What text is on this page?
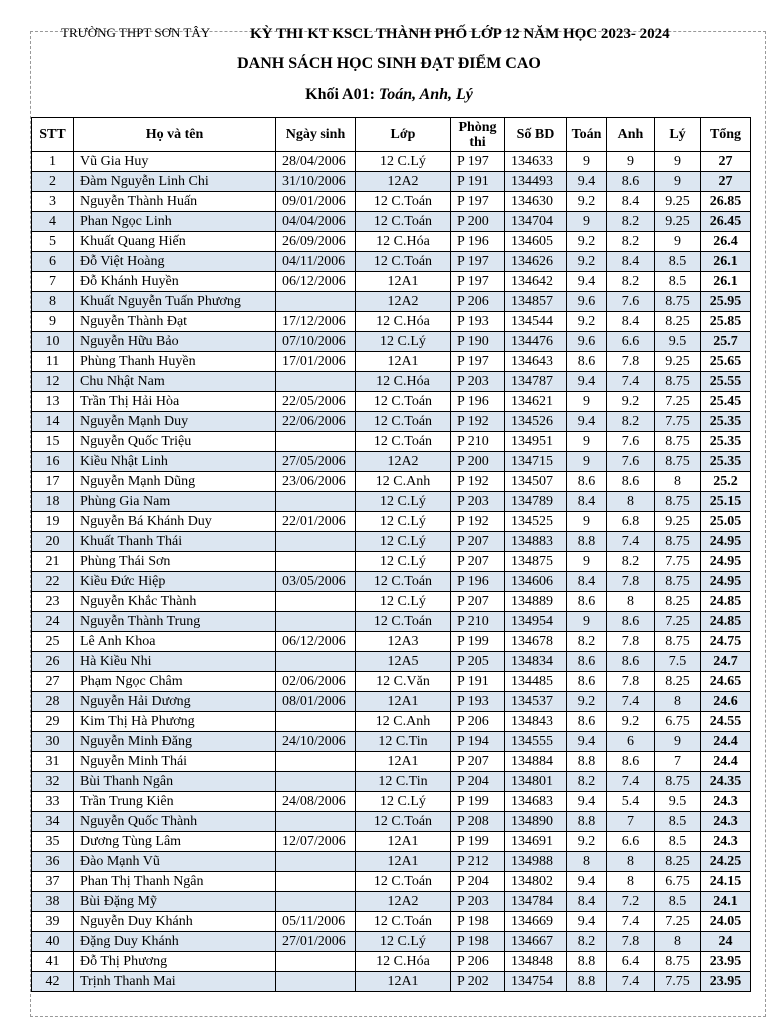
TRƯỜNG THPT SƠN TÂY	KỲ THI KT KSCL THÀNH PHỐ LỚP 12 NĂM HỌC 2023- 2024
DANH SÁCH HỌC SINH ĐẠT ĐIỂM CAO
Khối A01: Toán, Anh, Lý
STT	Họ và tên	Ngày sinh	Lớp	Phòng thi	Số BD	Toán	Anh	Lý	Tổng
1	Vũ Gia Huy	28/04/2006	12 C.Lý	P 197	134633	9	9	9	27
2	Đàm Nguyễn Linh Chi	31/10/2006	12A2	P 191	134493	9.4	8.6	9	27
3	Nguyễn Thành Huấn	09/01/2006	12 C.Toán	P 197	134630	9.2	8.4	9.25	26.85
4	Phan Ngọc Linh	04/04/2006	12 C.Toán	P 200	134704	9	8.2	9.25	26.45
5	Khuất Quang Hiến	26/09/2006	12 C.Hóa	P 196	134605	9.2	8.2	9	26.4
6	Đỗ Việt Hoàng	04/11/2006	12 C.Toán	P 197	134626	9.2	8.4	8.5	26.1
7	Đỗ Khánh Huyền	06/12/2006	12A1	P 197	134642	9.4	8.2	8.5	26.1
8	Khuất Nguyễn Tuấn Phương		12A2	P 206	134857	9.6	7.6	8.75	25.95
9	Nguyễn Thành Đạt	17/12/2006	12 C.Hóa	P 193	134544	9.2	8.4	8.25	25.85
10	Nguyễn Hữu Bảo	07/10/2006	12 C.Lý	P 190	134476	9.6	6.6	9.5	25.7
11	Phùng Thanh Huyền	17/01/2006	12A1	P 197	134643	8.6	7.8	9.25	25.65
12	Chu Nhật Nam		12 C.Hóa	P 203	134787	9.4	7.4	8.75	25.55
13	Trần Thị Hải Hòa	22/05/2006	12 C.Toán	P 196	134621	9	9.2	7.25	25.45
14	Nguyễn Mạnh Duy	22/06/2006	12 C.Toán	P 192	134526	9.4	8.2	7.75	25.35
15	Nguyễn Quốc Triệu		12 C.Toán	P 210	134951	9	7.6	8.75	25.35
16	Kiều Nhật Linh	27/05/2006	12A2	P 200	134715	9	7.6	8.75	25.35
17	Nguyễn Mạnh Dũng	23/06/2006	12 C.Anh	P 192	134507	8.6	8.6	8	25.2
18	Phùng Gia Nam		12 C.Lý	P 203	134789	8.4	8	8.75	25.15
19	Nguyễn Bá Khánh Duy	22/01/2006	12 C.Lý	P 192	134525	9	6.8	9.25	25.05
20	Khuất Thanh Thái		12 C.Lý	P 207	134883	8.8	7.4	8.75	24.95
21	Phùng Thái Sơn		12 C.Lý	P 207	134875	9	8.2	7.75	24.95
22	Kiều Đức Hiệp	03/05/2006	12 C.Toán	P 196	134606	8.4	7.8	8.75	24.95
23	Nguyễn Khắc Thành		12 C.Lý	P 207	134889	8.6	8	8.25	24.85
24	Nguyễn Thành Trung		12 C.Toán	P 210	134954	9	8.6	7.25	24.85
25	Lê Anh Khoa	06/12/2006	12A3	P 199	134678	8.2	7.8	8.75	24.75
26	Hà Kiều Nhi		12A5	P 205	134834	8.6	8.6	7.5	24.7
27	Phạm Ngọc Châm	02/06/2006	12 C.Văn	P 191	134485	8.6	7.8	8.25	24.65
28	Nguyễn Hải Dương	08/01/2006	12A1	P 193	134537	9.2	7.4	8	24.6
29	Kim Thị Hà Phương		12 C.Anh	P 206	134843	8.6	9.2	6.75	24.55
30	Nguyễn Minh Đăng	24/10/2006	12 C.Tin	P 194	134555	9.4	6	9	24.4
31	Nguyễn Minh Thái		12A1	P 207	134884	8.8	8.6	7	24.4
32	Bùi Thanh Ngân		12 C.Tin	P 204	134801	8.2	7.4	8.75	24.35
33	Trần Trung Kiên	24/08/2006	12 C.Lý	P 199	134683	9.4	5.4	9.5	24.3
34	Nguyễn Quốc Thành		12 C.Toán	P 208	134890	8.8	7	8.5	24.3
35	Dương Tùng Lâm	12/07/2006	12A1	P 199	134691	9.2	6.6	8.5	24.3
36	Đào Mạnh Vũ		12A1	P 212	134988	8	8	8.25	24.25
37	Phan Thị Thanh Ngân		12 C.Toán	P 204	134802	9.4	8	6.75	24.15
38	Bùi Đặng Mỹ		12A2	P 203	134784	8.4	7.2	8.5	24.1
39	Nguyễn Duy Khánh	05/11/2006	12 C.Toán	P 198	134669	9.4	7.4	7.25	24.05
40	Đặng Duy Khánh	27/01/2006	12 C.Lý	P 198	134667	8.2	7.8	8	24
41	Đỗ Thị Phương		12 C.Hóa	P 206	134848	8.8	6.4	8.75	23.95
42	Trịnh Thanh Mai		12A1	P 202	134754	8.8	7.4	7.75	23.95
